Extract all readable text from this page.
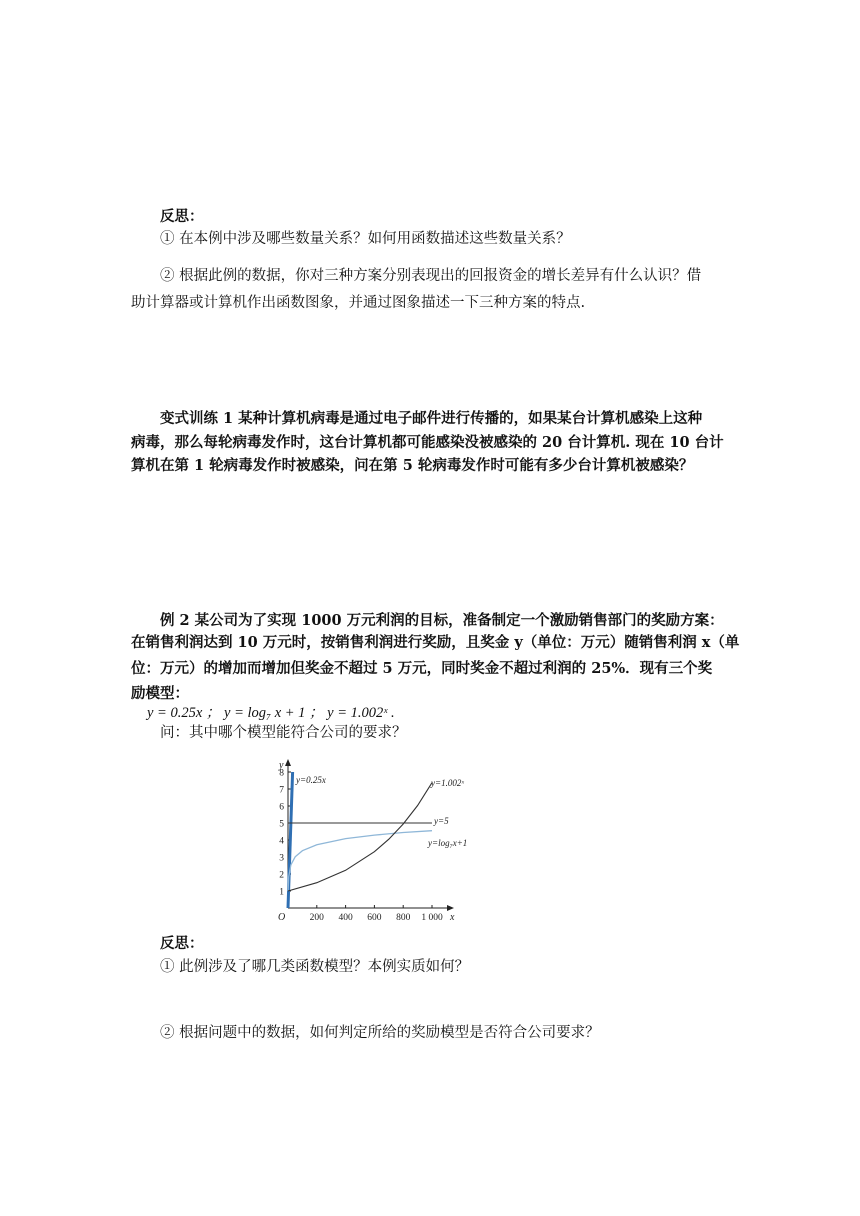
反思：
① 在本例中涉及哪些数量关系？如何用函数描述这些数量关系？
② 根据此例的数据，你对三种方案分别表现出的回报资金的增长差异有什么认识？借
助计算器或计算机作出函数图象，并通过图象描述一下三种方案的特点.
变式训练 1 某种计算机病毒是通过电子邮件进行传播的，如果某台计算机感染上这种
病毒，那么每轮病毒发作时，这台计算机都可能感染没被感染的 20 台计算机. 现在 10 台计
算机在第 1 轮病毒发作时被感染，问在第 5 轮病毒发作时可能有多少台计算机被感染？
例 2 某公司为了实现 1000 万元利润的目标，准备制定一个激励销售部门的奖励方案：
在销售利润达到 10 万元时，按销售利润进行奖励，且奖金 y（单位：万元）随销售利润 x（单
位：万元）的增加而增加但奖金不超过 5 万元，同时奖金不超过利润的 25%．现有三个奖
励模型：
y = 0.25x ； y = log₇ x + 1 ； y = 1.002ˣ .
问：其中哪个模型能符合公司的要求？
200 400 600 800 1 000
1
2
3
4
5
6
7
8
x
y
O
y=0.25x
y=log₇x+1
y=1.002ˣ
y=5
反思：
① 此例涉及了哪几类函数模型？本例实质如何？
② 根据问题中的数据，如何判定所给的奖励模型是否符合公司要求？
